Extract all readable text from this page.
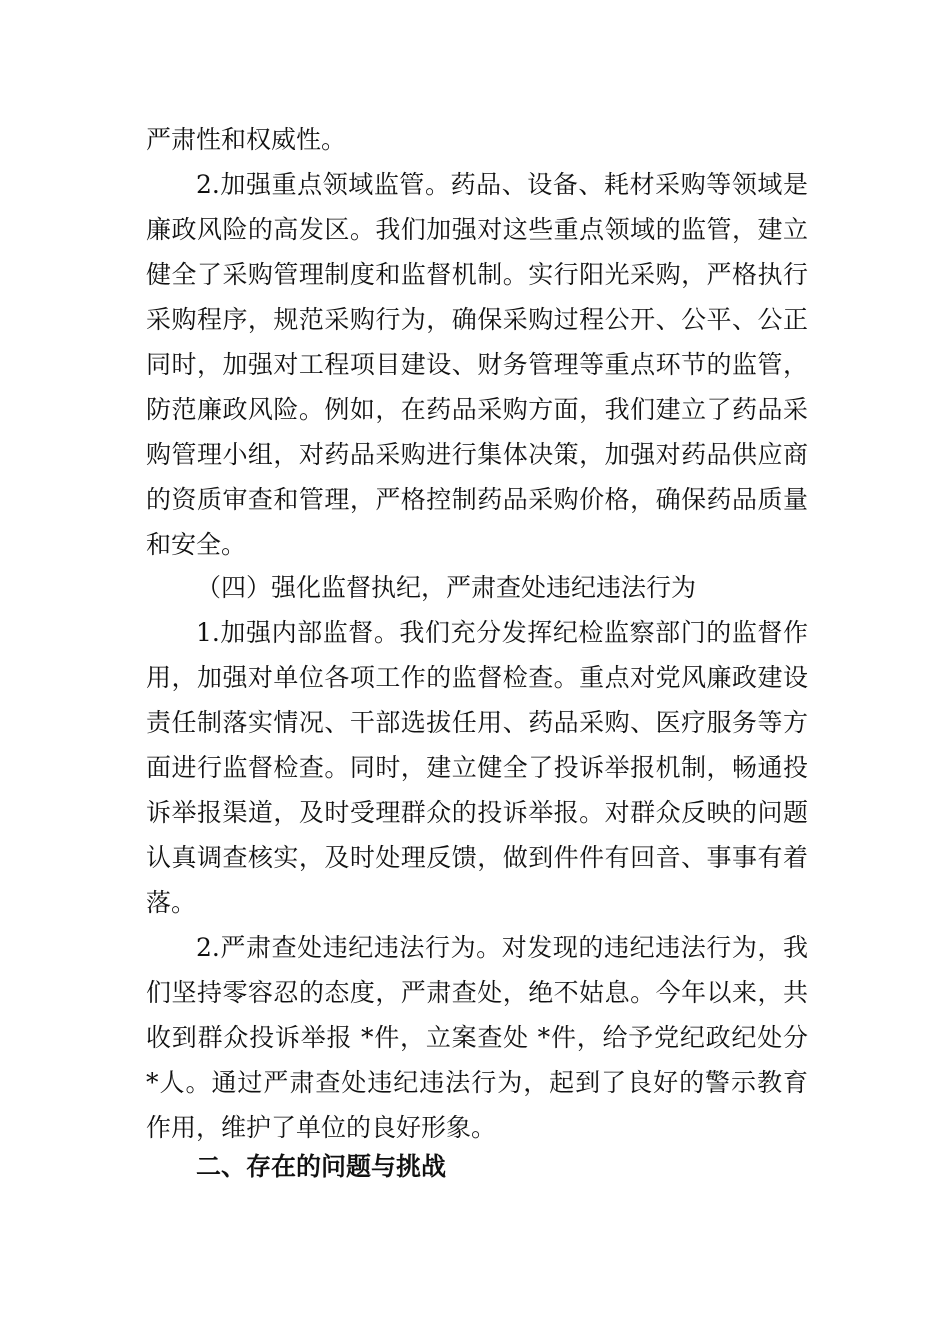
严肃性和权威性。
2.加强重点领域监管。药品、设备、耗材采购等领域是
廉政风险的高发区。我们加强对这些重点领域的监管，建立
健全了采购管理制度和监督机制。实行阳光采购，严格执行
采购程序，规范采购行为，确保采购过程公开、公平、公正
同时，加强对工程项目建设、财务管理等重点环节的监管，
防范廉政风险。例如，在药品采购方面，我们建立了药品采
购管理小组，对药品采购进行集体决策，加强对药品供应商
的资质审查和管理，严格控制药品采购价格，确保药品质量
和安全。
（四）强化监督执纪，严肃查处违纪违法行为
1.加强内部监督。我们充分发挥纪检监察部门的监督作
用，加强对单位各项工作的监督检查。重点对党风廉政建设
责任制落实情况、干部选拔任用、药品采购、医疗服务等方
面进行监督检查。同时，建立健全了投诉举报机制，畅通投
诉举报渠道，及时受理群众的投诉举报。对群众反映的问题
认真调查核实，及时处理反馈，做到件件有回音、事事有着
落。
2.严肃查处违纪违法行为。对发现的违纪违法行为，我
们坚持零容忍的态度，严肃查处，绝不姑息。今年以来，共
收到群众投诉举报 *件，立案查处 *件，给予党纪政纪处分
*人。通过严肃查处违纪违法行为，起到了良好的警示教育
作用，维护了单位的良好形象。
二、存在的问题与挑战
